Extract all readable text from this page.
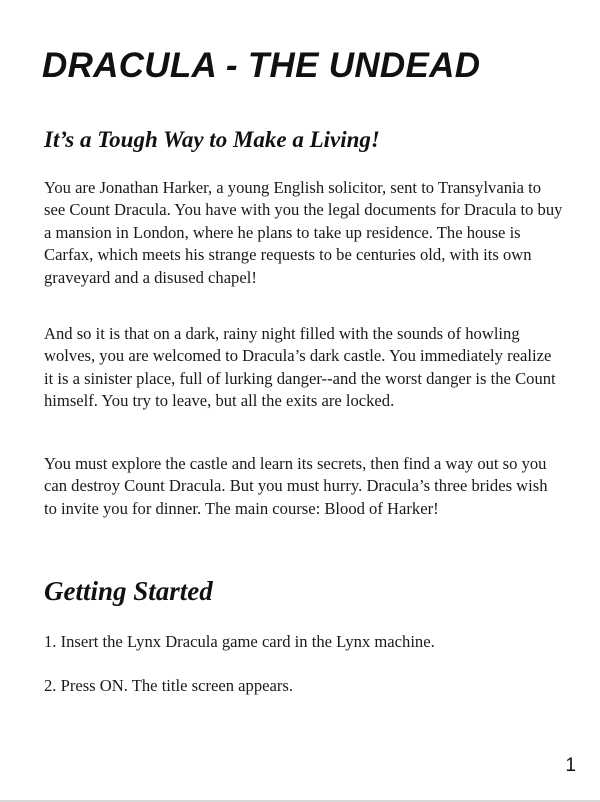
DRACULA - THE UNDEAD
It’s a Tough Way to Make a Living!

You are Jonathan Harker, a young English solicitor, sent to Transylvania to see Count Dracula. You have with you the legal documents for Dracula to buy a mansion in London, where he plans to take up residence. The house is Carfax, which meets his strange requests to be centuries old, with its own graveyard and a disused chapel!

And so it is that on a dark, rainy night filled with the sounds of howling wolves, you are welcomed to Dracula’s dark castle. You immediately realize it is a sinister place, full of lurking danger--and the worst danger is the Count himself. You try to leave, but all the exits are locked.

You must explore the castle and learn its secrets, then find a way out so you can destroy Count Dracula. But you must hurry. Dracula’s three brides wish to invite you for dinner. The main course: Blood of Harker!

Getting Started

1. Insert the Lynx Dracula game card in the Lynx machine.

2. Press ON. The title screen appears.

1
